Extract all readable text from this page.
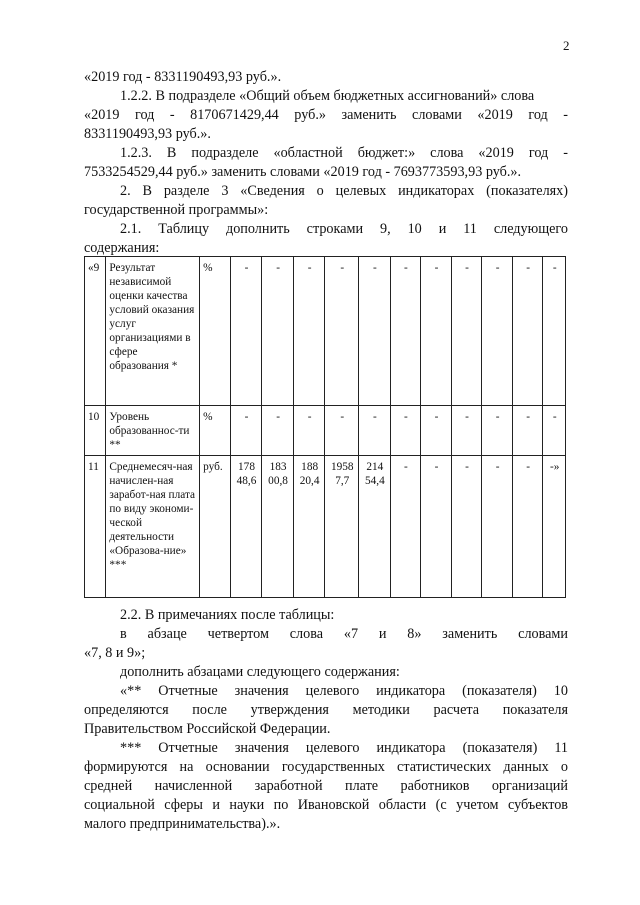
2
«2019 год - 8331190493,93 руб.».
1.2.2. В подразделе «Общий объем бюджетных ассигнований» слова
«2019 год - 8170671429,44 руб.» заменить словами «2019 год -
8331190493,93 руб.».
1.2.3. В подразделе «областной бюджет:» слова «2019 год -
7533254529,44 руб.» заменить словами «2019 год - 7693773593,93 руб.».
2. В разделе 3 «Сведения о целевых индикаторах (показателях)
государственной программы»:
2.1. Таблицу дополнить строками 9, 10 и 11 следующего
содержания:
«9	Результат независимой оценки качества условий оказания услуг организациями в сфере образования *	%	-	-	-	-	-	-	-	-	-	-	-
10	Уровень образованнос-ти **	%	-	-	-	-	-	-	-	-	-	-	-
11	Среднемесяч-ная начислен-ная заработ-ная плата по виду экономи-ческой деятельности «Образова-ние» ***	руб.	178 48,6	183 00,8	188 20,4	1958 7,7	214 54,4	-	-	-	-	-	-»
2.2. В примечаниях после таблицы:
в абзаце четвертом слова «7 и 8» заменить словами
«7, 8 и 9»;
дополнить абзацами следующего содержания:
«** Отчетные значения целевого индикатора (показателя) 10
определяются после утверждения методики расчета показателя
Правительством Российской Федерации.
*** Отчетные значения целевого индикатора (показателя) 11
формируются на основании государственных статистических данных о
средней начисленной заработной плате работников организаций
социальной сферы и науки по Ивановской области (с учетом субъектов
малого предпринимательства).».
